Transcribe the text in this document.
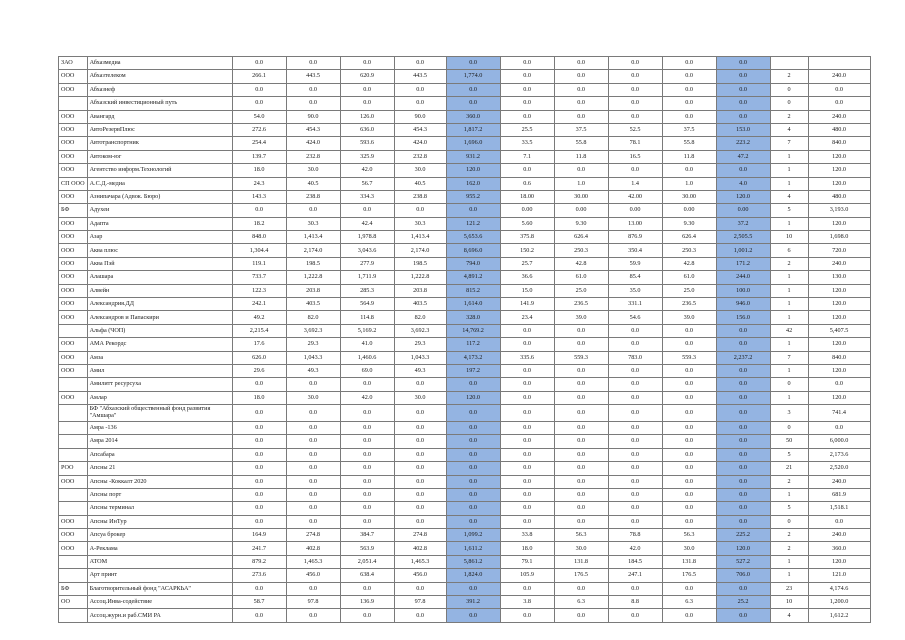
ЗАО	Абхазмедиа	0.0	0.0	0.0	0.0	0.0	0.0	0.0	0.0	0.0	0.0		
ООО	Абхазтелеком	266.1	443.5	620.9	443.5	1,774.0	0.0	0.0	0.0	0.0	0.0	2	240.0
ООО	Абхазнеф	0.0	0.0	0.0	0.0	0.0	0.0	0.0	0.0	0.0	0.0	0	0.0
	Абхазский инвестиционный путь	0.0	0.0	0.0	0.0	0.0	0.0	0.0	0.0	0.0	0.0	0	0.0
ООО	Авангард	54.0	90.0	126.0	90.0	360.0	0.0	0.0	0.0	0.0	0.0	2	240.0
ООО	АвтоРезервПлюс	272.6	454.3	636.0	454.3	1,817.2	25.5	37.5	52.5	37.5	153.0	4	480.0
ООО	Автотранспортник	254.4	424.0	593.6	424.0	1,696.0	33.5	55.8	78.1	55.8	223.2	7	840.0
ООО	Автоком-юг	139.7	232.8	325.9	232.8	931.2	7.1	11.8	16.5	11.8	47.2	1	120.0
ООО	Агентство информ.Технологий	18.0	30.0	42.0	30.0	120.0	0.0	0.0	0.0	0.0	0.0	1	120.0
СП ООО	А.С.Д.-медиа	24.3	40.5	56.7	40.5	162.0	0.6	1.0	1.4	1.0	4.0	1	120.0
ООО	Азнипачара (Адвок. Бюро)	143.3	238.8	334.3	238.8	955.2	18.00	30.00	42.00	30.00	120.0	4	480.0
БФ	Адухеи	0.0	0.0	0.0	0.0	0.0	0.00	0.00	0.00	0.00	0.00	5	3,193.0
ООО	Адапта	18.2	30.3	42.4	30.3	121.2	5.60	9.30	13.00	9.30	37.2	1	120.0
ООО	Азар	848.0	1,413.4	1,978.8	1,413.4	5,653.6	375.8	626.4	876.9	626.4	2,505.5	10	1,698.0
ООО	Аква плюс	1,304.4	2,174.0	3,043.6	2,174.0	8,696.0	150.2	250.3	350.4	250.3	1,001.2	6	720.0
ООО	Аква Пэй	119.1	198.5	277.9	198.5	794.0	25.7	42.8	59.9	42.8	171.2	2	240.0
ООО	Алашара	733.7	1,222.8	1,711.9	1,222.8	4,891.2	36.6	61.0	85.4	61.0	244.0	1	130.0
ООО	Алвейн	122.3	203.8	285.3	203.8	815.2	15.0	25.0	35.0	25.0	100.0	1	120.0
ООО	Александрия.ДД	242.1	403.5	564.9	403.5	1,614.0	141.9	236.5	331.1	236.5	946.0	1	120.0
ООО	Александров и Папаскири	49.2	82.0	114.8	82.0	328.0	23.4	39.0	54.6	39.0	156.0	1	120.0
	Альфа (ЧОП)	2,215.4	3,692.3	5,169.2	3,692.3	14,769.2	0.0	0.0	0.0	0.0	0.0	42	5,407.5
ООО	АМА Рекордс	17.6	29.3	41.0	29.3	117.2	0.0	0.0	0.0	0.0	0.0	1	120.0
ООО	Амза	626.0	1,043.3	1,460.6	1,043.3	4,173.2	335.6	559.3	783.0	559.3	2,237.2	7	840.0
ООО	Амил	29.6	49.3	69.0	49.3	197.2	0.0	0.0	0.0	0.0	0.0	1	120.0
	Амилитт ресурсуха	0.0	0.0	0.0	0.0	0.0	0.0	0.0	0.0	0.0	0.0	0	0.0
ООО	Амлар	18.0	30.0	42.0	30.0	120.0	0.0	0.0	0.0	0.0	0.0	1	120.0
	БФ "Абхазский общественный фонд развития "Амшара"	0.0	0.0	0.0	0.0	0.0	0.0	0.0	0.0	0.0	0.0	3	741.4
	Амра -136	0.0	0.0	0.0	0.0	0.0	0.0	0.0	0.0	0.0	0.0	0	0.0
	Амра 2014	0.0	0.0	0.0	0.0	0.0	0.0	0.0	0.0	0.0	0.0	50	6,000.0
	Апсабара	0.0	0.0	0.0	0.0	0.0	0.0	0.0	0.0	0.0	0.0	5	2,173.6
РОО	Апсны 21	0.0	0.0	0.0	0.0	0.0	0.0	0.0	0.0	0.0	0.0	21	2,520.0
ООО	Апсны -Коккалт 2020	0.0	0.0	0.0	0.0	0.0	0.0	0.0	0.0	0.0	0.0	2	240.0
	Апсны порт	0.0	0.0	0.0	0.0	0.0	0.0	0.0	0.0	0.0	0.0	1	681.9
	Апсны терминал	0.0	0.0	0.0	0.0	0.0	0.0	0.0	0.0	0.0	0.0	5	1,518.1
ООО	Апсны ИнТур	0.0	0.0	0.0	0.0	0.0	0.0	0.0	0.0	0.0	0.0	0	0.0
ООО	Апсуа брокер	164.9	274.8	384.7	274.8	1,099.2	33.8	56.3	78.8	56.3	225.2	2	240.0
ООО	А-Реклама	241.7	402.8	563.9	402.8	1,611.2	18.0	30.0	42.0	30.0	120.0	2	360.0
	АТОМ	879.2	1,465.3	2,051.4	1,465.3	5,861.2	79.1	131.8	184.5	131.8	527.2	1	120.0
	Арт принт	273.6	456.0	638.4	456.0	1,824.0	105.9	176.5	247.1	176.5	706.0	1	121.0
БФ	Благотворительный фонд "АСАРКЬА"	0.0	0.0	0.0	0.0	0.0	0.0	0.0	0.0	0.0	0.0	23	4,174.6
ОО	Ассоц.Инва-содействие	58.7	97.8	136.9	97.8	391.2	3.8	6.3	8.8	6.3	25.2	10	1,200.0
	Ассоц.журн.и раб.СМИ РА	0.0	0.0	0.0	0.0	0.0	0.0	0.0	0.0	0.0	0.0	4	1,612.2
